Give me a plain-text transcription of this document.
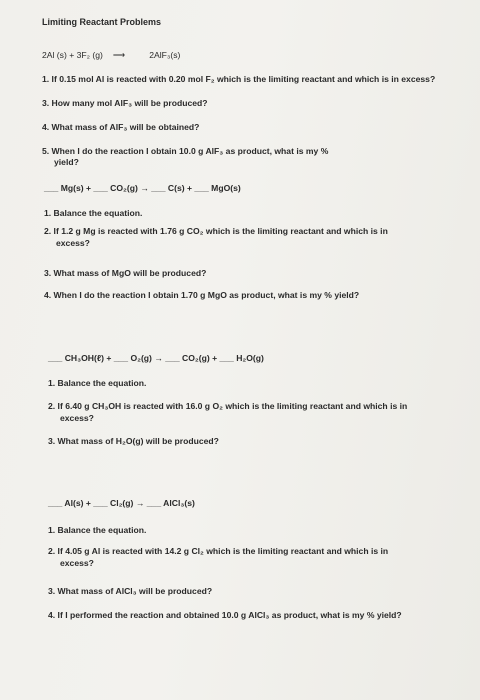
Limiting Reactant Problems
2Al (s) + 3F₂ (g) ⟶	2AlF₃(s)
1. If 0.15 mol Al is reacted with 0.20 mol F₂ which is the limiting reactant and which is in excess?
3. How many mol AlF₃ will be produced?
4. What mass of AlF₃ will be obtained?
5. When I do the reaction I obtain 10.0 g AlF₃ as product, what is my %
yield?
___ Mg(s) + ___ CO₂(g) → ___ C(s) + ___ MgO(s)
1. Balance the equation.
2. If 1.2 g Mg is reacted with 1.76 g CO₂ which is the limiting reactant and which is in
excess?
3. What mass of MgO will be produced?
4. When I do the reaction I obtain 1.70 g MgO as product, what is my % yield?
___ CH₃OH(ℓ) + ___ O₂(g) → ___ CO₂(g) + ___ H₂O(g)
1. Balance the equation.
2. If 6.40 g CH₃OH is reacted with 16.0 g O₂ which is the limiting reactant and which is in
excess?
3. What mass of H₂O(g) will be produced?
___ Al(s) + ___ Cl₂(g) → ___ AlCl₃(s)
1. Balance the equation.
2. If 4.05 g Al is reacted with 14.2 g Cl₂ which is the limiting reactant and which is in
excess?
3. What mass of AlCl₃ will be produced?
4. If I performed the reaction and obtained 10.0 g AlCl₃ as product, what is my % yield?
